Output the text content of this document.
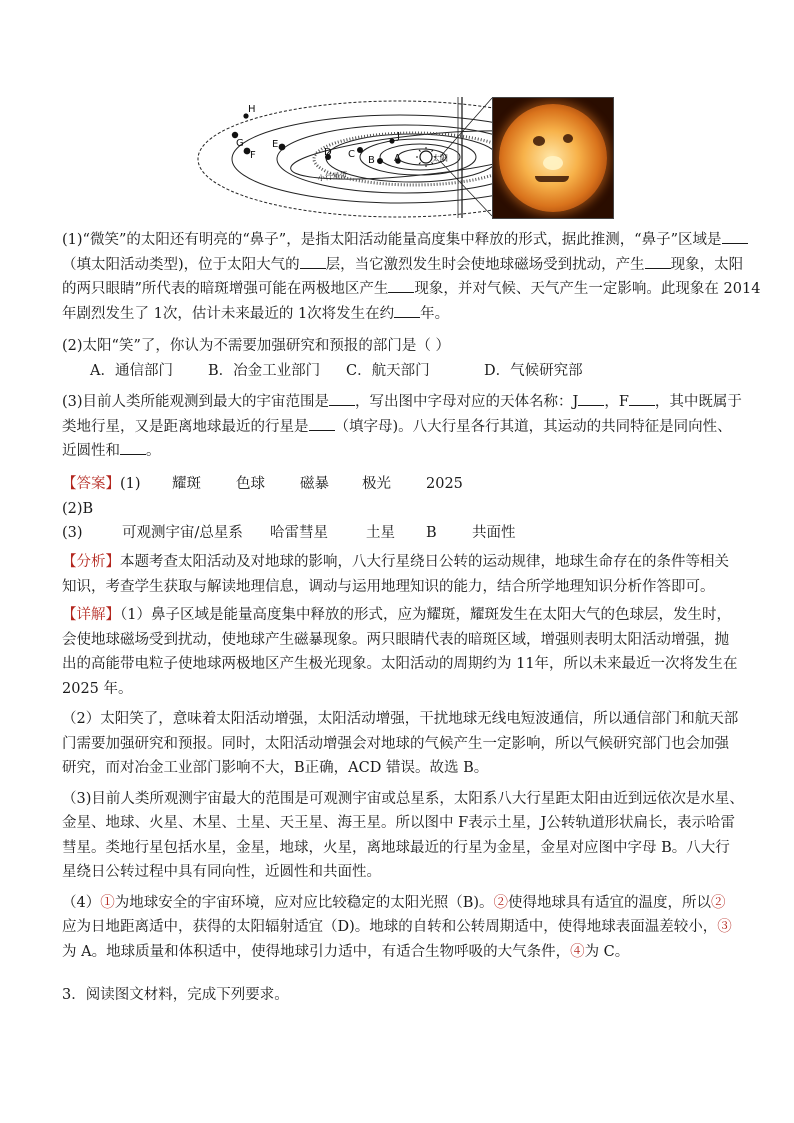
H
G	E
F	D C
B
J
A	太阳
小行星带
(1)“微笑”的太阳还有明亮的“鼻子”，是指太阳活动能量高度集中释放的形式，据此推测，“鼻子”区域是
（填太阳活动类型)，位于太阳大气的 层，当它激烈发生时会使地球磁场受到扰动，产生 现象，太阳
的两只眼睛”所代表的暗斑增强可能在两极地区产生 现象，并对气候、天气产生一定影响。此现象在 2014
年剧烈发生了 1次，估计未来最近的 1次将发生在约 年。
(2)太阳“笑”了，你认为不需要加强研究和预报的部门是（ ）
A．通信部门 B．冶金工业部门 C．航天部门	D．气候研究部
(3)目前人类所能观测到最大的宇宙范围是 ，写出图中字母对应的天体名称：J ，F ，其中既属于
类地行星，又是距离地球最近的行星是 （填字母)。八大行星各行其道，其运动的共同特征是同向性、
近圆性和 。
【答案】(1) 耀斑 色球 磁暴 极光 2025
(2)B
(3)	可观测宇宙/总星系 哈雷彗星	土星 B 共面性
【分析】本题考查太阳活动及对地球的影响，八大行星绕日公转的运动规律，地球生命存在的条件等相关
知识，考查学生获取与解读地理信息，调动与运用地理知识的能力，结合所学地理知识分析作答即可。
【详解】（1）鼻子区域是能量高度集中释放的形式，应为耀斑，耀斑发生在太阳大气的色球层，发生时，
会使地球磁场受到扰动，使地球产生磁暴现象。两只眼睛代表的暗斑区域，增强则表明太阳活动增强，抛
出的高能带电粒子使地球两极地区产生极光现象。太阳活动的周期约为 11年，所以未来最近一次将发生在
2025 年。
（2）太阳笑了，意味着太阳活动增强，太阳活动增强，干扰地球无线电短波通信，所以通信部门和航天部
门需要加强研究和预报。同时，太阳活动增强会对地球的气候产生一定影响，所以气候研究部门也会加强
研究，而对冶金工业部门影响不大，B正确，ACD 错误。故选 B。
（3)目前人类所观测宇宙最大的范围是可观测宇宙或总星系，太阳系八大行星距太阳由近到远依次是水星、
金星、地球、火星、木星、土星、天王星、海王星。所以图中 F表示土星，J公转轨道形状扁长，表示哈雷
彗星。类地行星包括水星，金星，地球，火星，离地球最近的行星为金星，金星对应图中字母 B。八大行
星绕日公转过程中具有同向性，近圆性和共面性。
（4）①为地球安全的宇宙环境，应对应比较稳定的太阳光照（B)。②使得地球具有适宜的温度，所以②
应为日地距离适中，获得的太阳辐射适宜（D)。地球的自转和公转周期适中，使得地球表面温差较小，③
为 A。地球质量和体积适中，使得地球引力适中，有适合生物呼吸的大气条件，④为 C。
3．阅读图文材料，完成下列要求。
